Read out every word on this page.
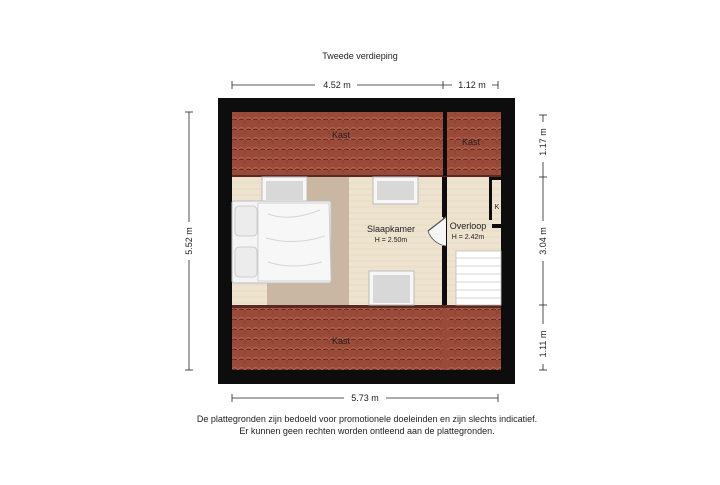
Tweede verdieping
Kast
Kast
Kast
Slaapkamer
H = 2.50m
Overloop
H = 2.42m
K
4.52 m	1.12 m
5.73 m
5.52 m
1.17 m
3.04 m
1.11 m
De plattegronden zijn bedoeld voor promotionele doeleinden en zijn slechts indicatief.
Er kunnen geen rechten worden ontleend aan de plattegronden.
